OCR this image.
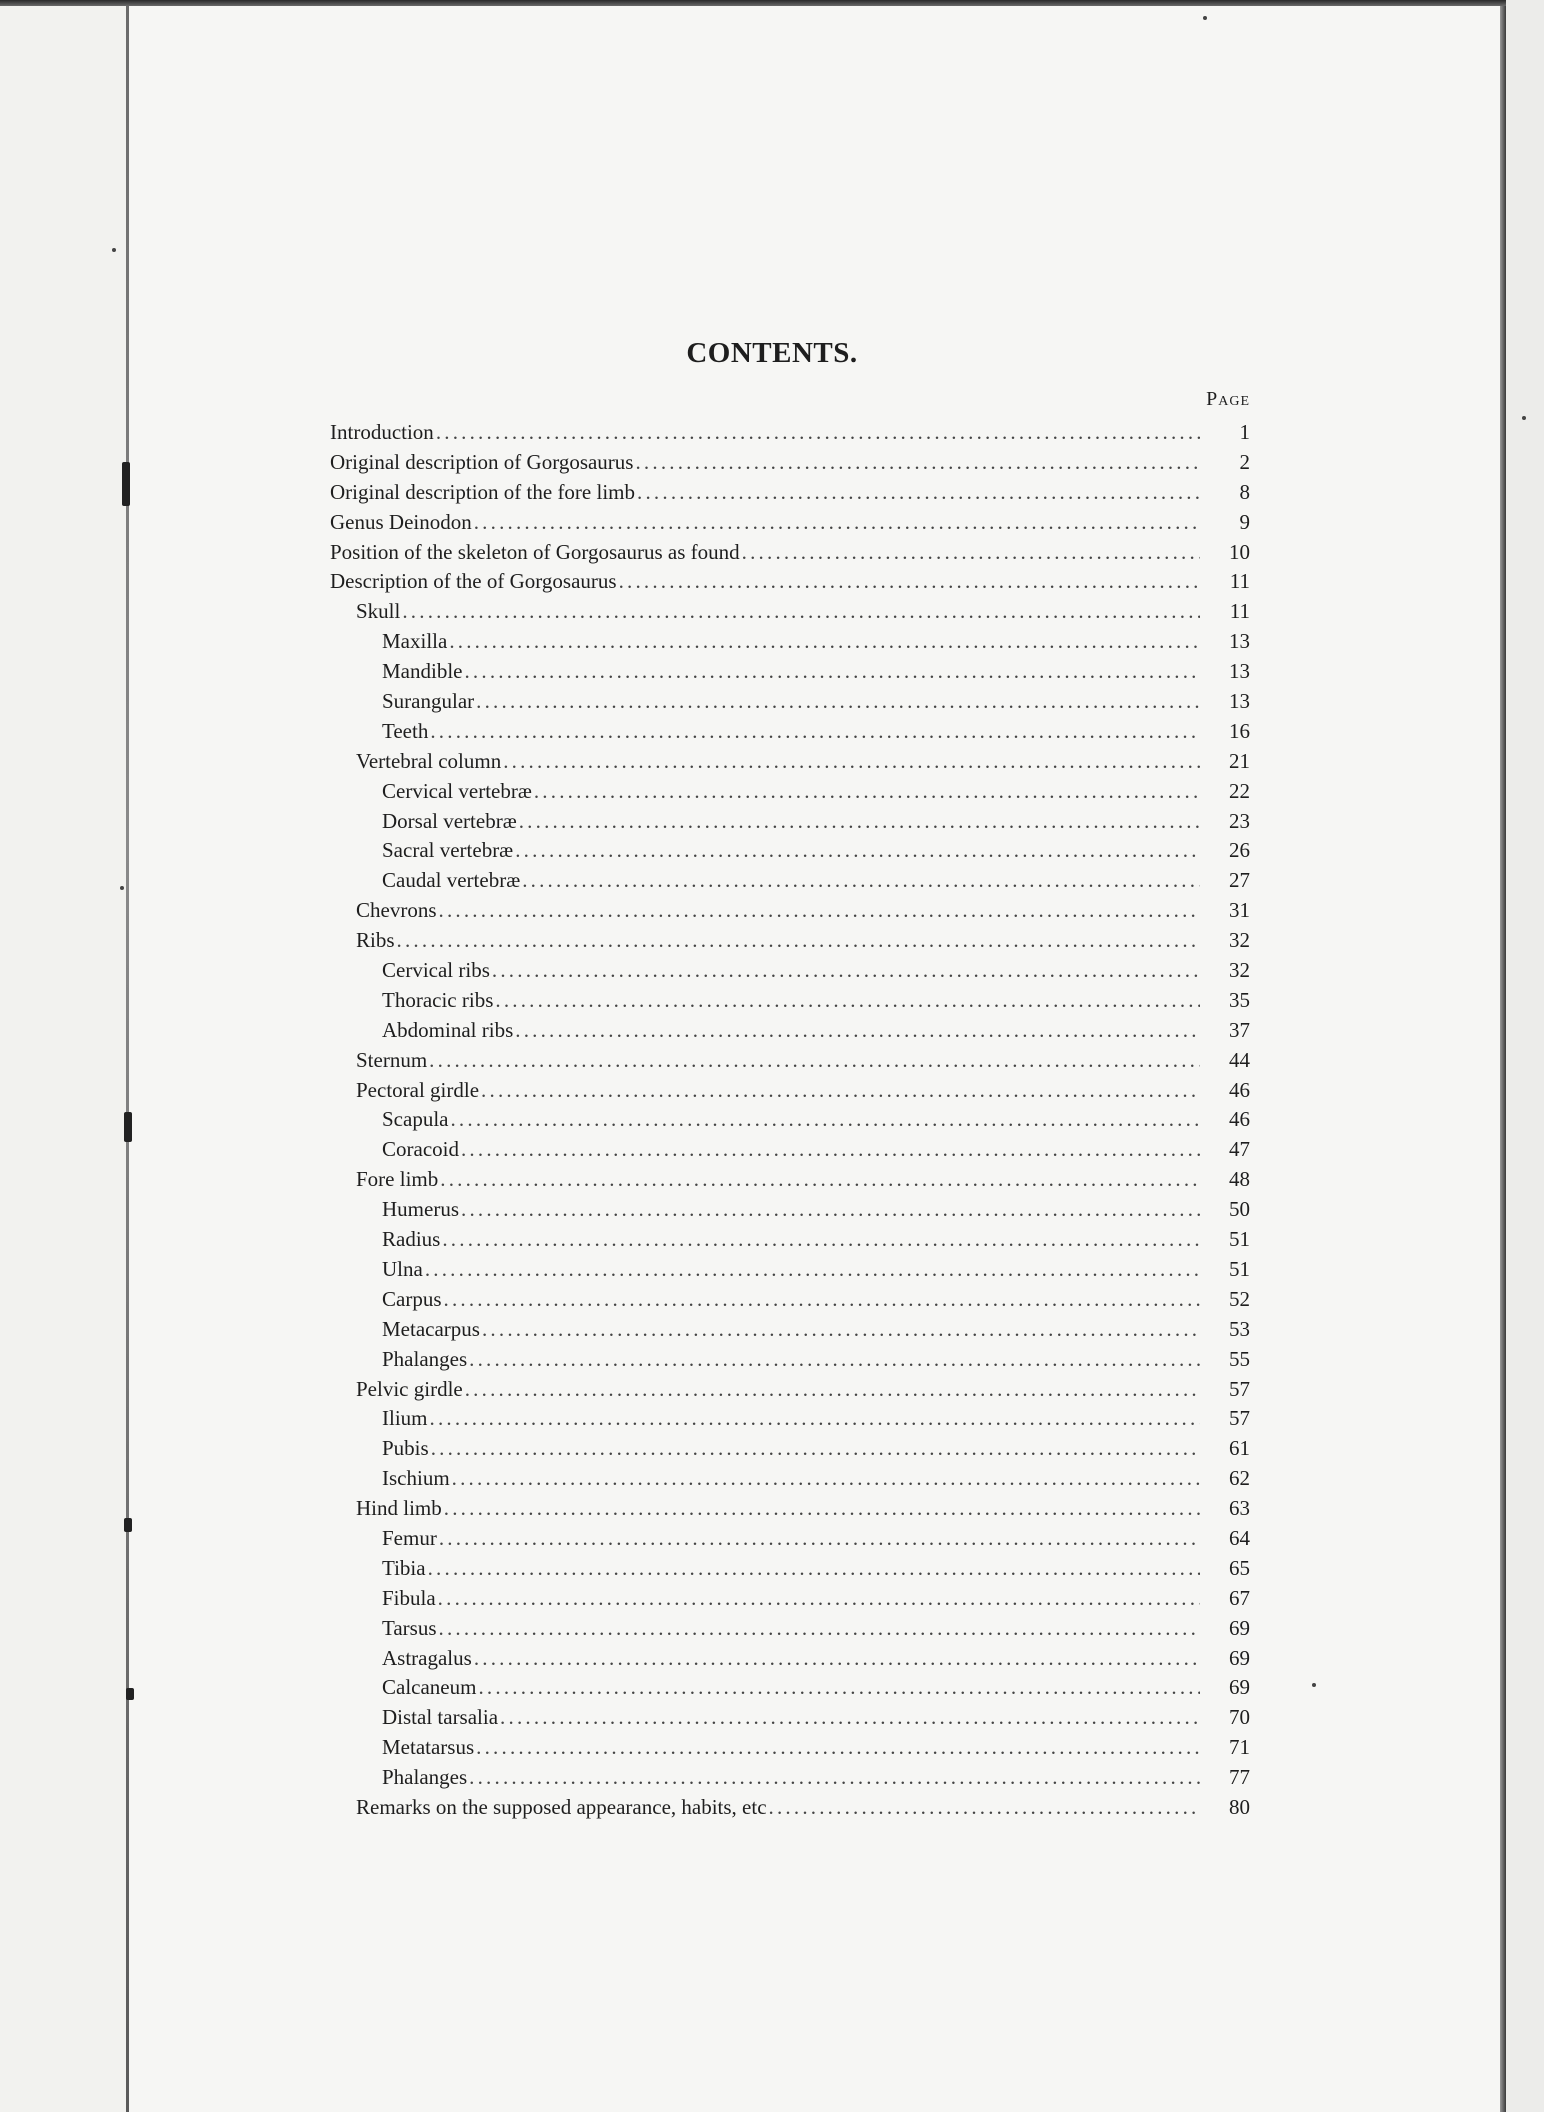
CONTENTS.
Page
Introduction .....	1
Original description of Gorgosaurus .....	2
Original description of the fore limb .....	8
Genus Deinodon .....	9
Position of the skeleton of Gorgosaurus as found .....	10
Description of the of Gorgosaurus .....	11
Skull .....	11
Maxilla .....	13
Mandible .....	13
Surangular .....	13
Teeth .....	16
Vertebral column .....	21
Cervical vertebræ .....	22
Dorsal vertebræ .....	23
Sacral vertebræ .....	26
Caudal vertebræ .....	27
Chevrons .....	31
Ribs .....	32
Cervical ribs .....	32
Thoracic ribs .....	35
Abdominal ribs .....	37
Sternum .....	44
Pectoral girdle .....	46
Scapula .....	46
Coracoid .....	47
Fore limb .....	48
Humerus .....	50
Radius .....	51
Ulna .....	51
Carpus .....	52
Metacarpus .....	53
Phalanges .....	55
Pelvic girdle .....	57
Ilium .....	57
Pubis .....	61
Ischium .....	62
Hind limb .....	63
Femur .....	64
Tibia .....	65
Fibula .....	67
Tarsus .....	69
Astragalus .....	69
Calcaneum .....	69
Distal tarsalia .....	70
Metatarsus .....	71
Phalanges .....	77
Remarks on the supposed appearance, habits, etc .....	80
